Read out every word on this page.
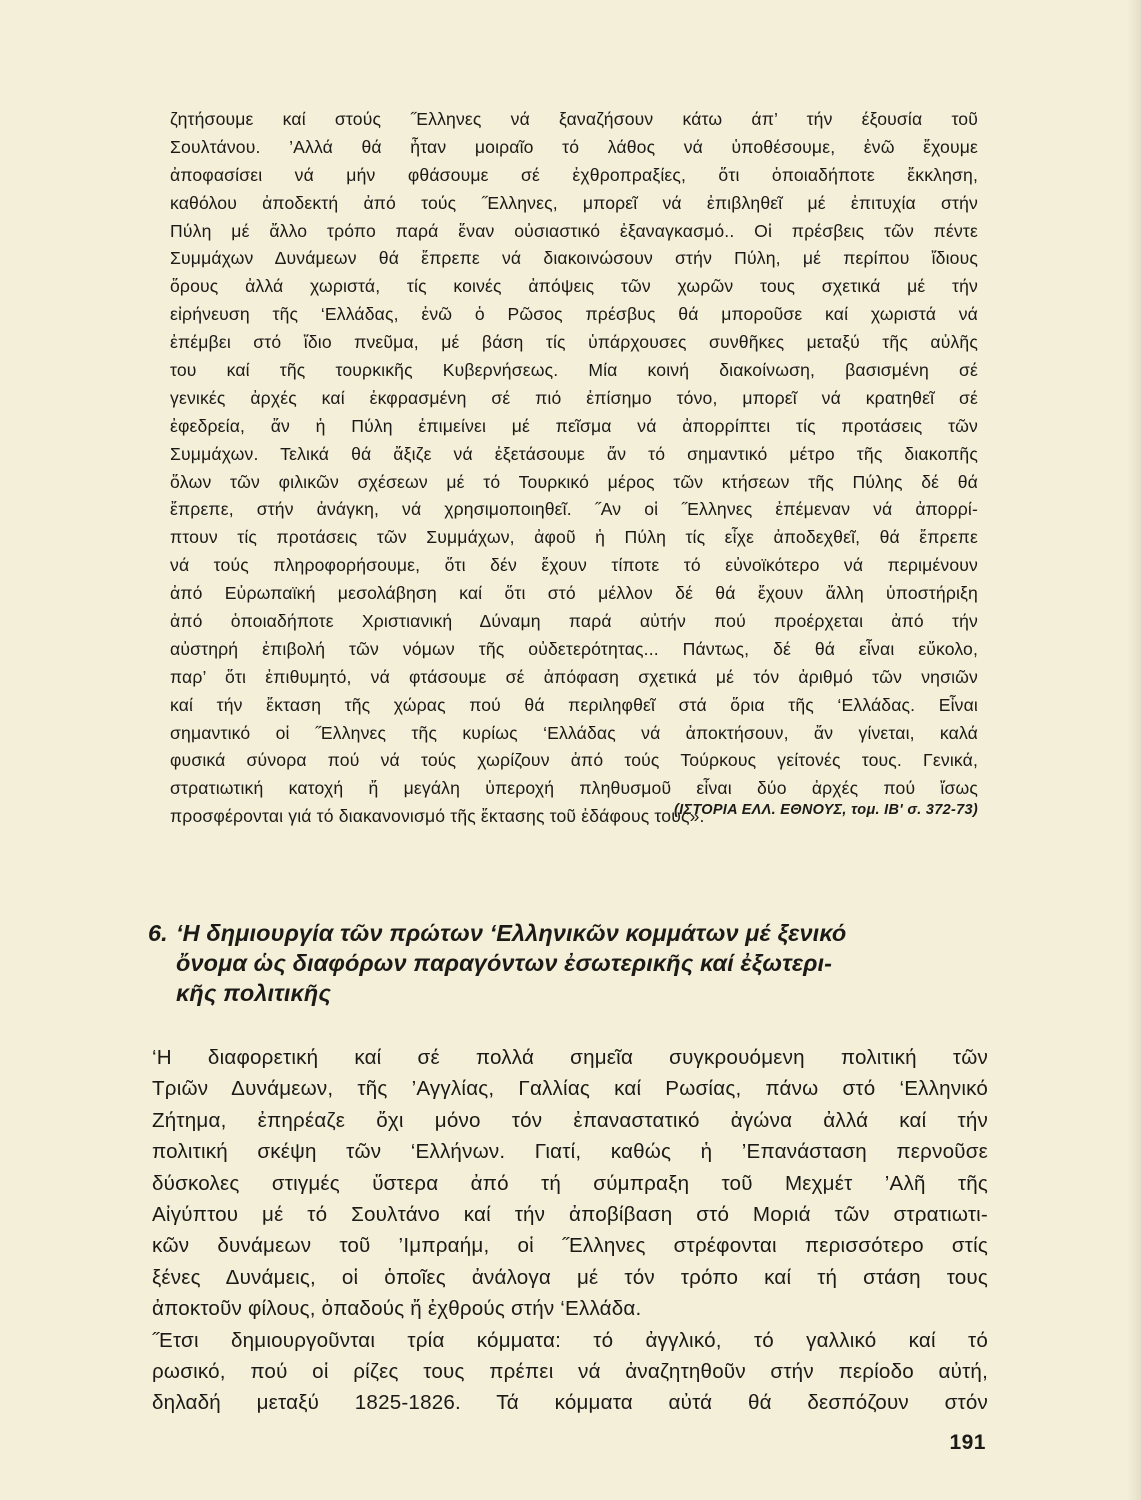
ζητήσουμε καί στούς ˝Ελληνες νά ξαναζήσουν κάτω άπ’ τήν έξουσία τοῦ
Σουλτάνου. ’Αλλά θά ἦταν μοιραῖο τό λάθος νά ὑποθέσουμε, ἐνῶ ἔχουμε
ἀποφασίσει νά μήν φθάσουμε σέ ἐχθροπραξίες, ὅτι ὁποιαδήποτε ἔκκληση,
καθόλου ἀποδεκτή ἀπό τούς ˝Ελληνες, μπορεῖ νά ἐπιβληθεῖ μέ ἐπιτυχία στήν
Πύλη μέ ἄλλο τρόπο παρά ἕναν οὐσιαστικό ἐξαναγκασμό.. Οἱ πρέσβεις τῶν πέντε
Συμμάχων Δυνάμεων θά ἔπρεπε νά διακοινώσουν στήν Πύλη, μέ περίπου ἴδιους
ὅρους ἀλλά χωριστά, τίς κοινές ἀπόψεις τῶν χωρῶν τους σχετικά μέ τήν
εἰρήνευση τῆς ‘Ελλάδας, ἐνῶ ὁ Ρῶσος πρέσβυς θά μποροῦσε καί χωριστά νά
ἐπέμβει στό ἴδιο πνεῦμα, μέ βάση τίς ὑπάρχουσες συνθῆκες μεταξύ τῆς αὐλῆς
του καί τῆς τουρκικῆς Κυβερνήσεως. Μία κοινή διακοίνωση, βασισμένη σέ
γενικές ἀρχές καί ἐκφρασμένη σέ πιό ἐπίσημο τόνο, μπορεῖ νά κρατηθεῖ σέ
ἐφεδρεία, ἄν ἡ Πύλη ἐπιμείνει μέ πεῖσμα νά ἀπορρίπτει τίς προτάσεις τῶν
Συμμάχων. Τελικά θά ἄξιζε νά ἐξετάσουμε ἄν τό σημαντικό μέτρο τῆς διακοπῆς
ὅλων τῶν φιλικῶν σχέσεων μέ τό Τουρκικό μέρος τῶν κτήσεων τῆς Πύλης δέ θά
ἔπρεπε, στήν ἀνάγκη, νά χρησιμοποιηθεῖ. ˝Αν οἱ ˝Ελληνες ἐπέμεναν νά ἀπορρί-
πτουν τίς προτάσεις τῶν Συμμάχων, ἀφοῦ ἡ Πύλη τίς εἶχε ἀποδεχθεῖ, θά ἔπρεπε
νά τούς πληροφορήσουμε, ὅτι δέν ἔχουν τίποτε τό εὐνοϊκότερο νά περιμένουν
ἀπό Εὐρωπαϊκή μεσολάβηση καί ὅτι στό μέλλον δέ θά ἔχουν ἄλλη ὑποστήριξη
ἀπό ὁποιαδήποτε Χριστιανική Δύναμη παρά αὐτήν πού προέρχεται ἀπό τήν
αὐστηρή ἐπιβολή τῶν νόμων τῆς οὐδετερότητας... Πάντως, δέ θά εἶναι εὔκολο,
παρ’ ὅτι ἐπιθυμητό, νά φτάσουμε σέ ἀπόφαση σχετικά μέ τόν ἀριθμό τῶν νησιῶν
καί τήν ἔκταση τῆς χώρας πού θά περιληφθεῖ στά ὅρια τῆς ‘Ελλάδας. Εἶναι
σημαντικό οἱ ˝Ελληνες τῆς κυρίως ‘Ελλάδας νά ἀποκτήσουν, ἄν γίνεται, καλά
φυσικά σύνορα πού νά τούς χωρίζουν ἀπό τούς Τούρκους γείτονές τους. Γενικά,
στρατιωτική κατοχή ἤ μεγάλη ὑπεροχή πληθυσμοῦ εἶναι δύο ἀρχές πού ἴσως
προσφέρονται γιά τό διακανονισμό τῆς ἔκτασης τοῦ ἐδάφους τους».
(ΙΣΤΟΡΙΑ ΕΛΛ. ΕΘΝΟΥΣ, τομ. ΙΒ' σ. 372-73)
6. ‘Η δημιουργία τῶν πρώτων ‘Ελληνικῶν κομμάτων μέ ξενικό
ὄνομα ὡς διαφόρων παραγόντων ἐσωτερικῆς καί ἐξωτερι-
κῆς πολιτικῆς
‘Η διαφορετική καί σέ πολλά σημεῖα συγκρουόμενη πολιτική τῶν
Τριῶν Δυνάμεων, τῆς ’Αγγλίας, Γαλλίας καί Ρωσίας, πάνω στό ‘Ελληνικό
Ζήτημα, ἐπηρέαζε ὄχι μόνο τόν ἐπαναστατικό ἀγώνα ἀλλά καί τήν
πολιτική σκέψη τῶν ‘Ελλήνων. Γιατί, καθώς ἡ ’Επανάσταση περνοῦσε
δύσκολες στιγμές ὕστερα ἀπό τή σύμπραξη τοῦ Μεχμέτ ’Αλῆ τῆς
Αἰγύπτου μέ τό Σουλτάνο καί τήν ἀποβίβαση στό Μοριά τῶν στρατιωτι-
κῶν δυνάμεων τοῦ ’Ιμπραήμ, οἱ ˝Ελληνες στρέφονται περισσότερο στίς
ξένες Δυνάμεις, οἱ ὁποῖες ἀνάλογα μέ τόν τρόπο καί τή στάση τους
ἀποκτοῦν φίλους, ὀπαδούς ἤ ἐχθρούς στήν ‘Ελλάδα.
˝Ετσι δημιουργοῦνται τρία κόμματα: τό ἀγγλικό, τό γαλλικό καί τό
ρωσικό, πού οἱ ρίζες τους πρέπει νά ἀναζητηθοῦν στήν περίοδο αὐτή,
δηλαδή μεταξύ 1825-1826. Τά κόμματα αὐτά θά δεσπόζουν στόν
191
